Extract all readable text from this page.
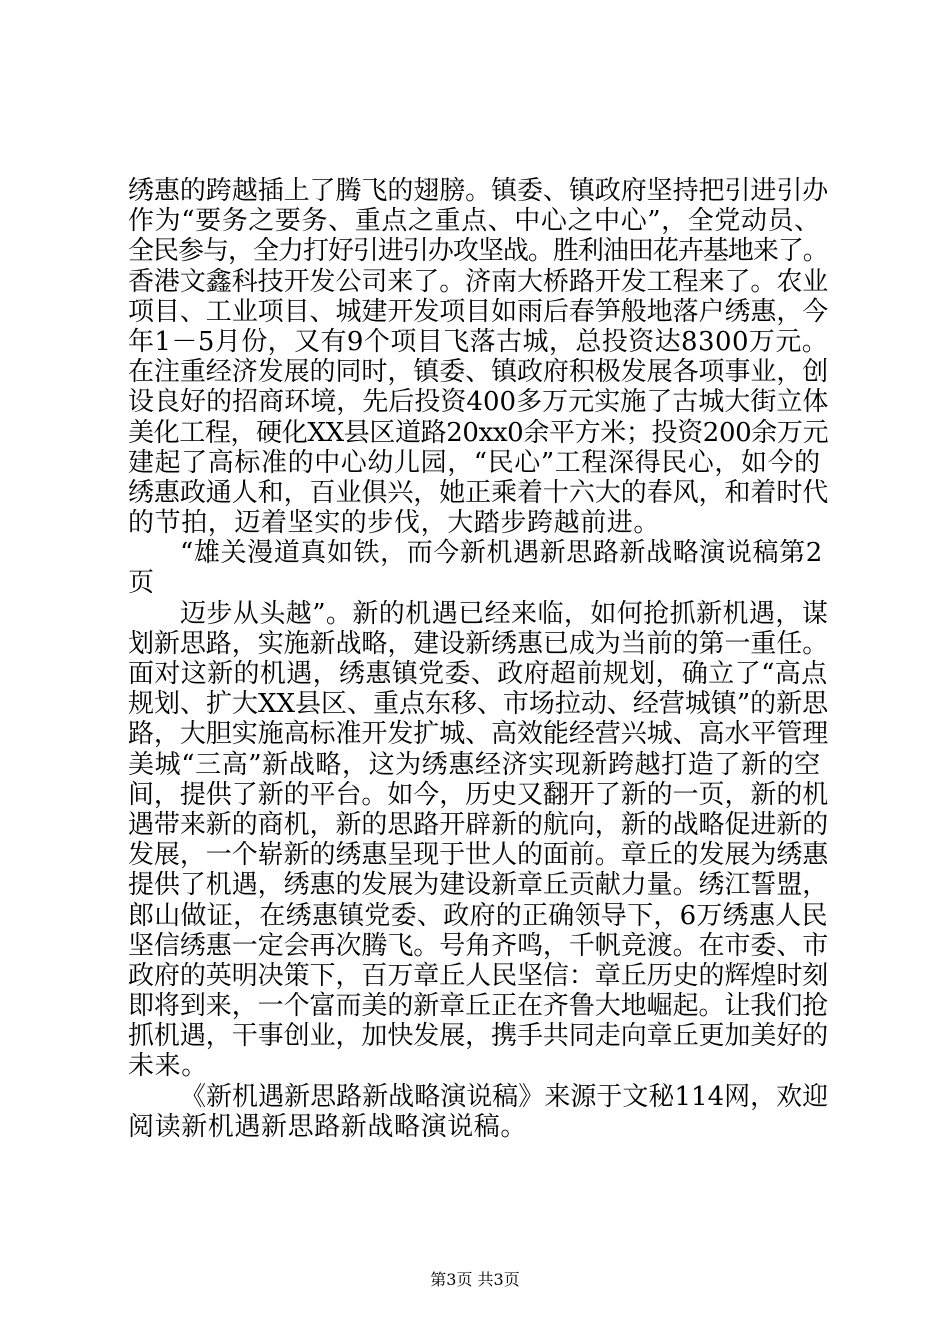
绣惠的跨越插上了腾飞的翅膀。镇委、镇政府坚持把引进引办
作为“要务之要务、重点之重点、中心之中心”，全党动员、
全民参与，全力打好引进引办攻坚战。胜利油田花卉基地来了。
香港文鑫科技开发公司来了。济南大桥路开发工程来了。农业
项目、工业项目、城建开发项目如雨后春笋般地落户绣惠，今
年1－5月份，又有9个项目飞落古城，总投资达8300万元。
在注重经济发展的同时，镇委、镇政府积极发展各项事业，创
设良好的招商环境，先后投资400多万元实施了古城大街立体
美化工程，硬化XX县区道路20xx0余平方米；投资200余万元
建起了高标准的中心幼儿园，“民心”工程深得民心，如今的
绣惠政通人和，百业俱兴，她正乘着十六大的春风，和着时代
的节拍，迈着坚实的步伐，大踏步跨越前进。
“雄关漫道真如铁，而今新机遇新思路新战略演说稿第2
页
迈步从头越”。新的机遇已经来临，如何抢抓新机遇，谋
划新思路，实施新战略，建设新绣惠已成为当前的第一重任。
面对这新的机遇，绣惠镇党委、政府超前规划，确立了“高点
规划、扩大XX县区、重点东移、市场拉动、经营城镇”的新思
路，大胆实施高标准开发扩城、高效能经营兴城、高水平管理
美城“三高”新战略，这为绣惠经济实现新跨越打造了新的空
间，提供了新的平台。如今，历史又翻开了新的一页，新的机
遇带来新的商机，新的思路开辟新的航向，新的战略促进新的
发展，一个崭新的绣惠呈现于世人的面前。章丘的发展为绣惠
提供了机遇，绣惠的发展为建设新章丘贡献力量。绣江誓盟，
郎山做证，在绣惠镇党委、政府的正确领导下，6万绣惠人民
坚信绣惠一定会再次腾飞。号角齐鸣，千帆竞渡。在市委、市
政府的英明决策下，百万章丘人民坚信：章丘历史的辉煌时刻
即将到来，一个富而美的新章丘正在齐鲁大地崛起。让我们抢
抓机遇，干事创业，加快发展，携手共同走向章丘更加美好的
未来。
《新机遇新思路新战略演说稿》来源于文秘114网，欢迎
阅读新机遇新思路新战略演说稿。
第3页 共3页
